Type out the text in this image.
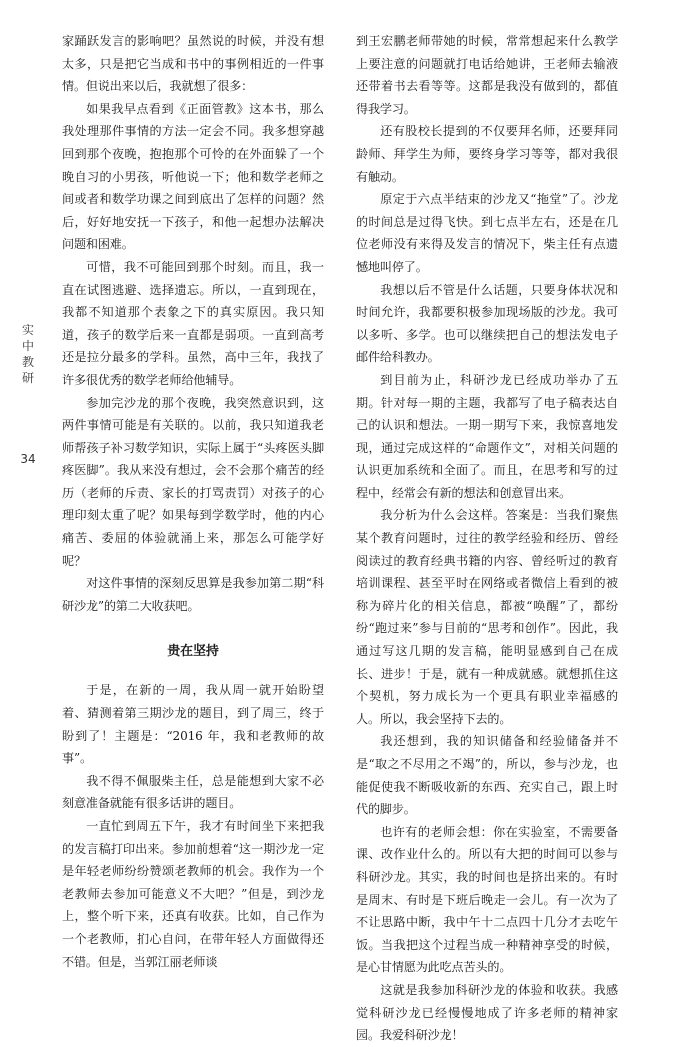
实中教研
34

家踊跃发言的影响吧？虽然说的时候，并没有想太多，只是把它当成和书中的事例相近的一件事情。但说出来以后，我就想了很多：

如果我早点看到《正面管教》这本书，那么我处理那件事情的方法一定会不同。我多想穿越回到那个夜晚，抱抱那个可怜的在外面躲了一个晚自习的小男孩，听他说一下；他和数学老师之间或者和数学功课之间到底出了怎样的问题？然后，好好地安抚一下孩子，和他一起想办法解决问题和困难。

可惜，我不可能回到那个时刻。而且，我一直在试图逃避、选择遗忘。所以，一直到现在，我都不知道那个表象之下的真实原因。我只知道，孩子的数学后来一直都是弱项。一直到高考还是拉分最多的学科。虽然，高中三年，我找了许多很优秀的数学老师给他辅导。

参加完沙龙的那个夜晚，我突然意识到，这两件事情可能是有关联的。以前，我只知道我老师帮孩子补习数学知识，实际上属于“头疼医头脚疼医脚”。我从来没有想过，会不会那个痛苦的经历（老师的斥责、家长的打骂责罚）对孩子的心理印刻太重了呢？如果每到学数学时，他的内心痛苦、委屈的体验就涌上来，那怎么可能学好呢？

对这件事情的深刻反思算是我参加第二期“科研沙龙”的第二大收获吧。

贵在坚持

于是，在新的一周，我从周一就开始盼望着、猜测着第三期沙龙的题目，到了周三，终于盼到了！主题是：“2016 年，我和老教师的故事”。

我不得不佩服柴主任，总是能想到大家不必刻意准备就能有很多话讲的题目。

一直忙到周五下午，我才有时间坐下来把我的发言稿打印出来。参加前想着“这一期沙龙一定是年轻老师纷纷赞颂老教师的机会。我作为一个老教师去参加可能意义不大吧？”但是，到沙龙上，整个听下来，还真有收获。比如，自己作为一个老教师，扪心自问，在带年轻人方面做得还不错。但是，当郭江丽老师谈

到王宏鹏老师带她的时候，常常想起来什么教学上要注意的问题就打电话给她讲，王老师去输液还带着书去看等等。这都是我没有做到的，都值得我学习。

还有股校长提到的不仅要拜名师，还要拜同龄师、拜学生为师，要终身学习等等，都对我很有触动。

原定于六点半结束的沙龙又“拖堂”了。沙龙的时间总是过得飞快。到七点半左右，还是在几位老师没有来得及发言的情况下，柴主任有点遗憾地叫停了。

我想以后不管是什么话题，只要身体状况和时间允许，我都要积极参加现场版的沙龙。我可以多听、多学。也可以继续把自己的想法发电子邮件给科教办。

到目前为止，科研沙龙已经成功举办了五期。针对每一期的主题，我都写了电子稿表达自己的认识和想法。一期一期写下来，我惊喜地发现，通过完成这样的“命题作文”，对相关问题的认识更加系统和全面了。而且，在思考和写的过程中，经常会有新的想法和创意冒出来。

我分析为什么会这样。答案是：当我们聚焦某个教育问题时，过往的教学经验和经历、曾经阅读过的教育经典书籍的内容、曾经听过的教育培训课程、甚至平时在网络或者微信上看到的被称为碎片化的相关信息，都被“唤醒”了，都纷纷“跑过来”参与目前的“思考和创作”。因此，我通过写这几期的发言稿，能明显感到自己在成长、进步！于是，就有一种成就感。就想抓住这个契机，努力成长为一个更具有职业幸福感的人。所以，我会坚持下去的。

我还想到，我的知识储备和经验储备并不是“取之不尽用之不竭”的，所以，参与沙龙，也能促使我不断吸收新的东西、充实自己，跟上时代的脚步。

也许有的老师会想：你在实验室，不需要备课、改作业什么的。所以有大把的时间可以参与科研沙龙。其实，我的时间也是挤出来的。有时是周末、有时是下班后晚走一会儿。有一次为了不让思路中断，我中午十二点四十几分才去吃午饭。当我把这个过程当成一种精神享受的时候，是心甘情愿为此吃点苦头的。

这就是我参加科研沙龙的体验和收获。我感觉科研沙龙已经慢慢地成了许多老师的精神家园。我爱科研沙龙！
